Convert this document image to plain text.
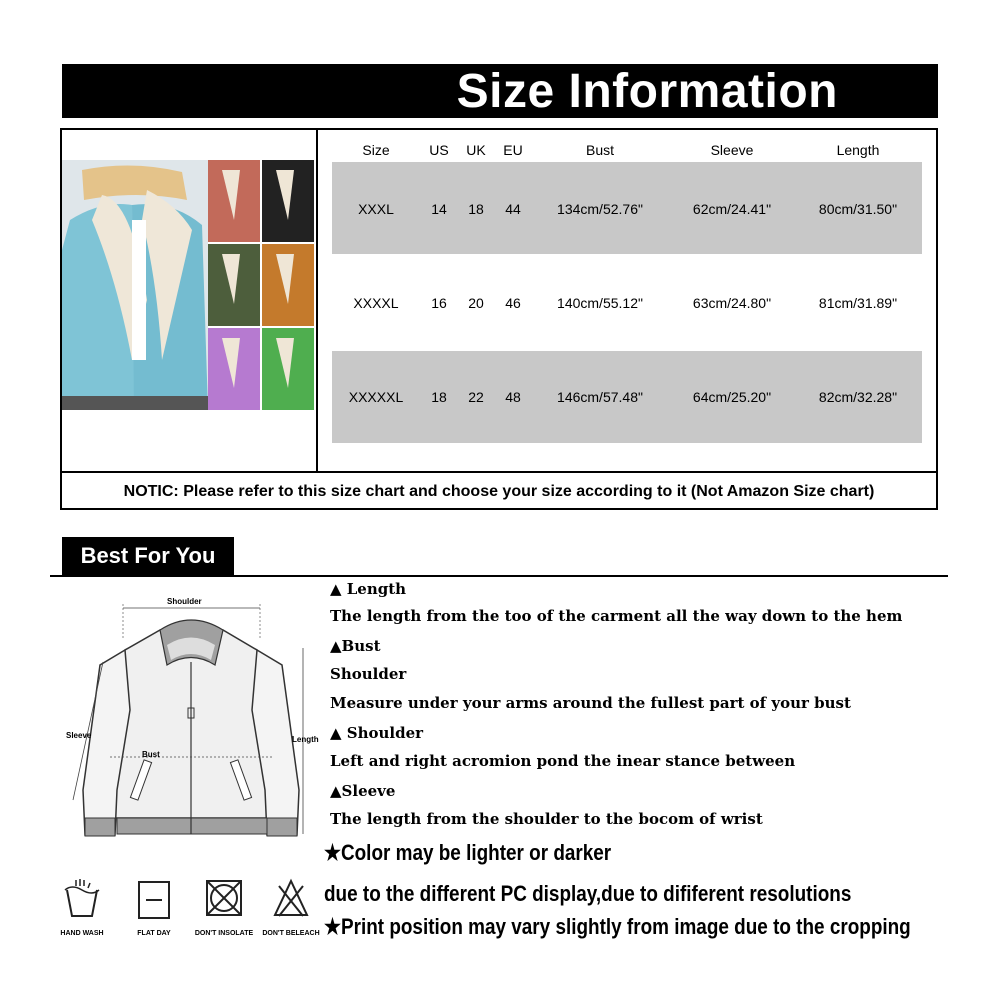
Size Information
Size	US	UK	EU	Bust	Sleeve	Length
XXXL	14	18	44	134cm/52.76"	62cm/24.41"	80cm/31.50"
XXXXL	16	20	46	140cm/55.12"	63cm/24.80"	81cm/31.89"
XXXXXL	18	22	48	146cm/57.48"	64cm/25.20"	82cm/32.28"
NOTIC: Please refer to this size chart and choose your size according to it (Not Amazon Size chart)
Best For You
Shoulder
Sleeve
Bust
Length
▲ Length
The length from the too of the carment all the way down to the hem
▲Bust
Shoulder
Measure under your arms around the fullest part of your bust
▲ Shoulder
Left and right acromion pond the inear stance between
▲Sleeve
The length from the shoulder to the bocom of wrist
★Color may be lighter or darker
due to the different PC display,due to dififerent resolutions
★Print position may vary slightly from image due to the cropping
HAND WASH	FLAT DAY	DON'T INSOLATE	DON'T BELEACH
